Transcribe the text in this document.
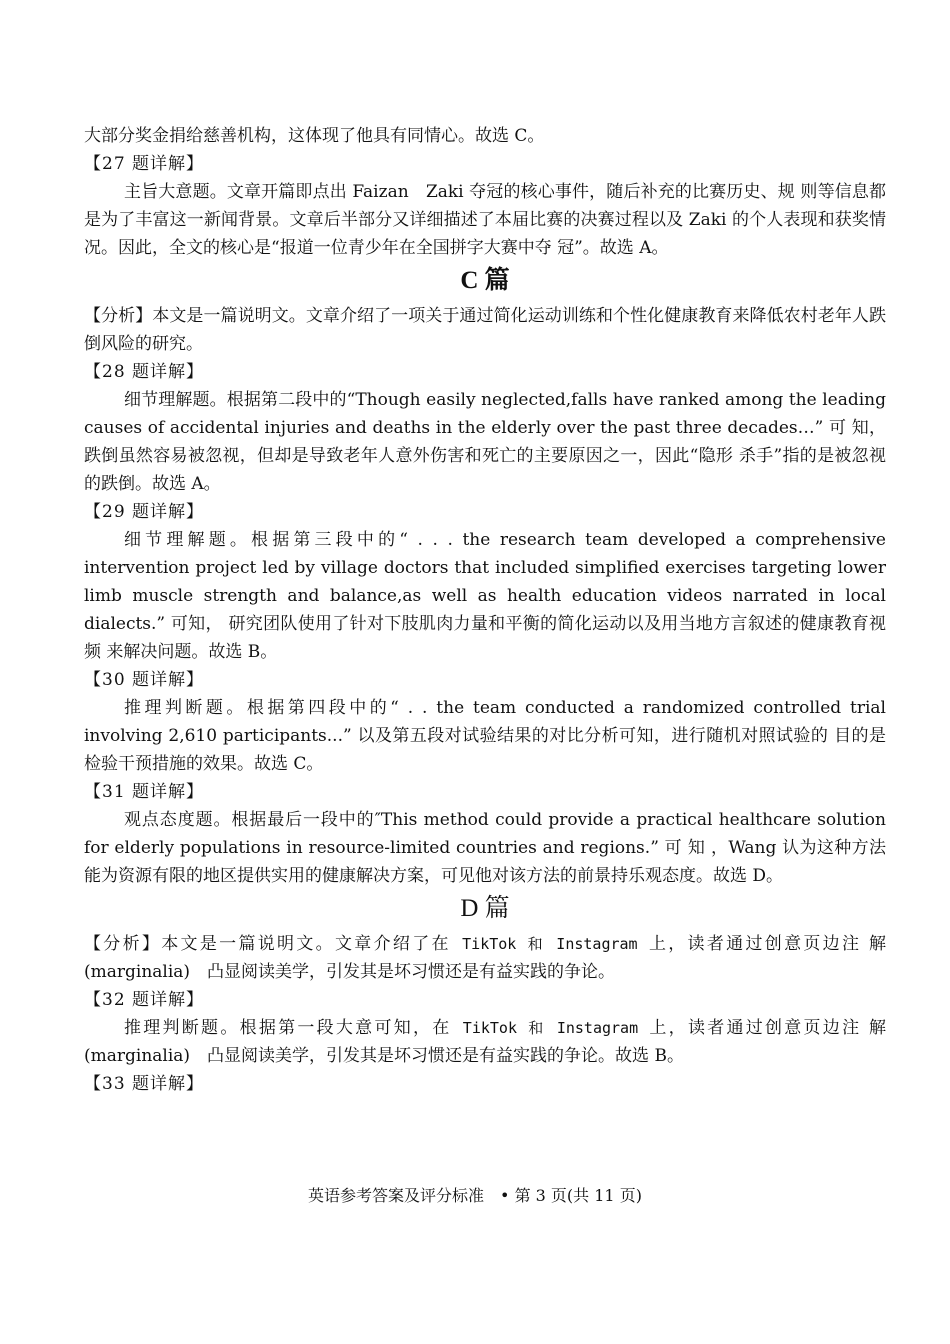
大部分奖金捐给慈善机构，这体现了他具有同情心。故选 C。

【27 题详解】

主旨大意题。文章开篇即点出 Faizan　Zaki 夺冠的核心事件，随后补充的比赛历史、规 则等信息都是为了丰富这一新闻背景。文章后半部分又详细描述了本届比赛的决赛过程以及 Zaki 的个人表现和获奖情况。因此，全文的核心是“报道一位青少年在全国拼字大赛中夺 冠”。故选 A。

C 篇

【分析】本文是一篇说明文。文章介绍了一项关于通过简化运动训练和个性化健康教育来降低农村老年人跌倒风险的研究。

【28 题详解】

细节理解题。根据第二段中的“Though easily neglected,falls have ranked among the leading causes of accidental injuries and deaths in the elderly over the past three decades…” 可 知，跌倒虽然容易被忽视，但却是导致老年人意外伤害和死亡的主要原因之一，因此“隐形 杀手”指的是被忽视的跌倒。故选 A。

【29 题详解】

细节理解题。根据第三段中的“ . . . the research team developed a comprehensive intervention project led by village doctors that included simplified exercises targeting lower limb muscle strength and balance,as well as health education videos narrated in local dialects.” 可知， 研究团队使用了针对下肢肌肉力量和平衡的简化运动以及用当地方言叙述的健康教育视频 来解决问题。故选 B。

【30 题详解】

推理判断题。根据第四段中的“ . . the team conducted a randomized controlled trial involving 2,610 participants...” 以及第五段对试验结果的对比分析可知，进行随机对照试验的 目的是检验干预措施的效果。故选 C。

【31 题详解】

观点态度题。根据最后一段中的″This method could provide a practical healthcare solution for elderly populations in resource-limited countries and regions.” 可 知 ，Wang 认为这种方法能为资源有限的地区提供实用的健康解决方案，可见他对该方法的前景持乐观态度。故选 D。

D 篇

【分析】本文是一篇说明文。文章介绍了在 TikTok 和 Instagram 上，读者通过创意页边注 解 (marginalia)　凸显阅读美学，引发其是坏习惯还是有益实践的争论。

【32 题详解】

推理判断题。根据第一段大意可知，在 TikTok 和 Instagram 上，读者通过创意页边注 解 (marginalia)　凸显阅读美学，引发其是坏习惯还是有益实践的争论。故选 B。

【33 题详解】

英语参考答案及评分标准　• 第 3 页(共 11 页)
